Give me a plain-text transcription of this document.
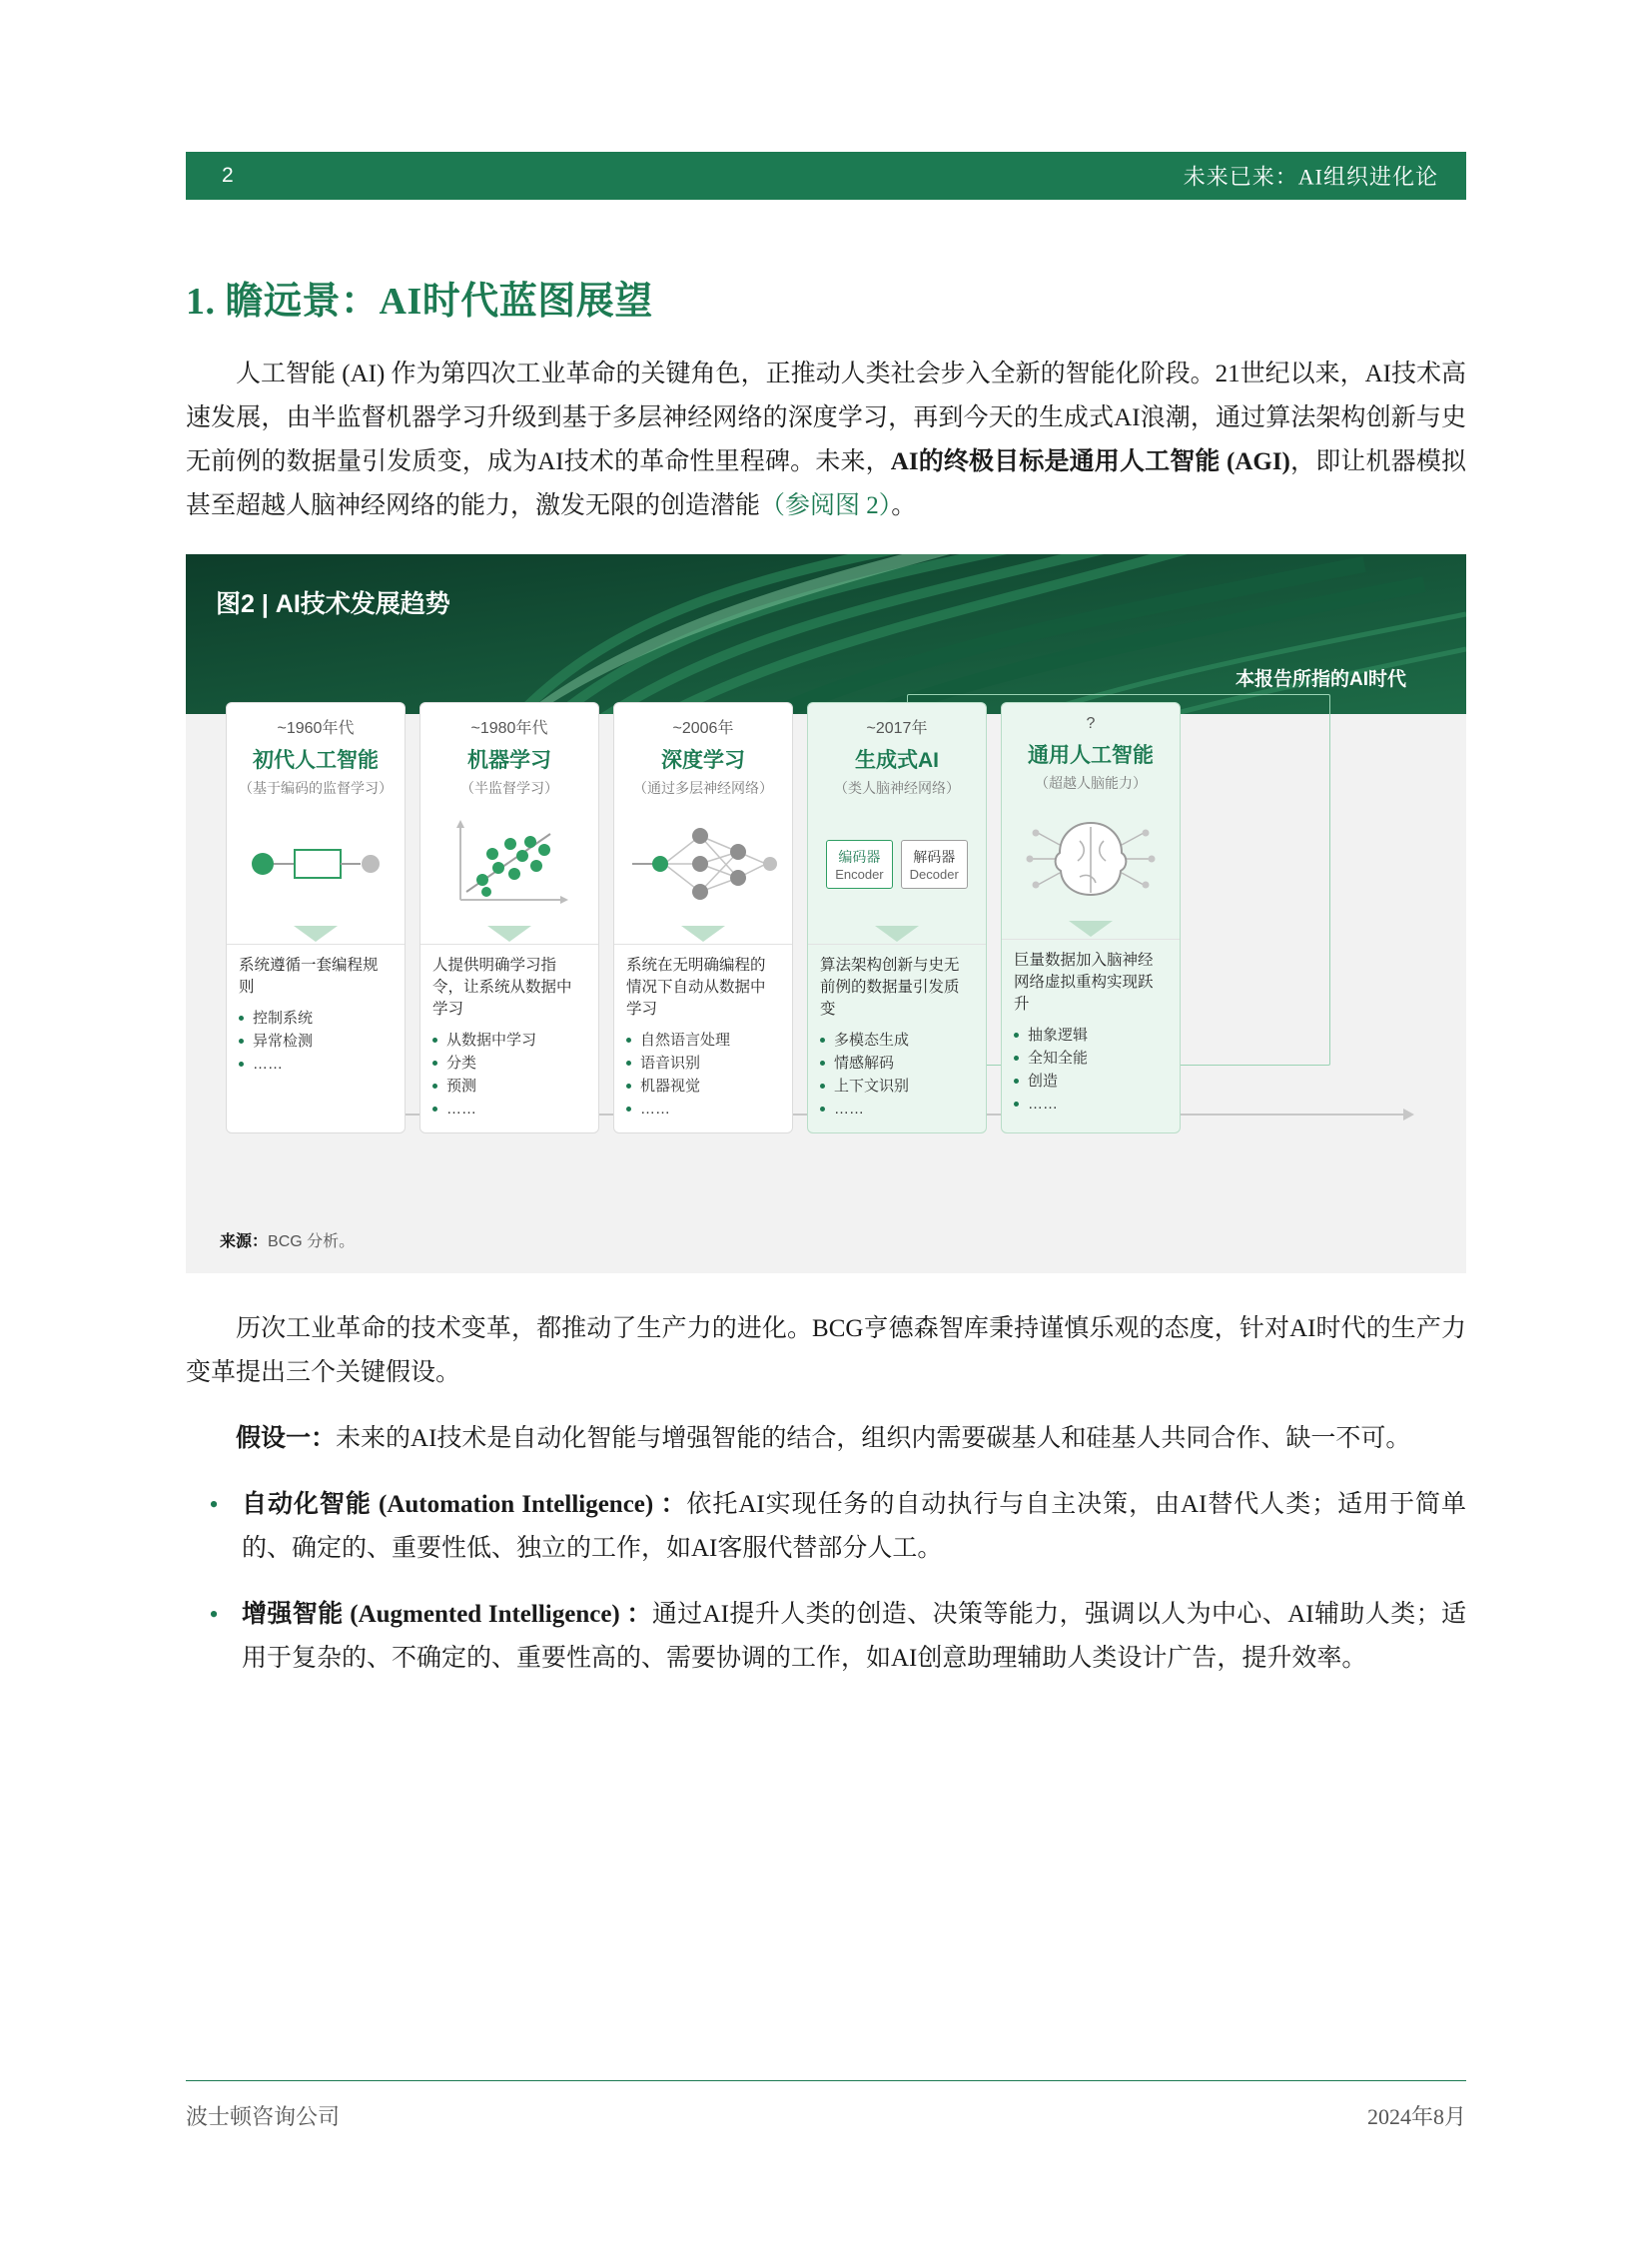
2	未来已来：AI组织进化论
1. 瞻远景：AI时代蓝图展望

人工智能 (AI) 作为第四次工业革命的关键角色，正推动人类社会步入全新的智能化阶段。21世纪以来，AI技术高速发展，由半监督机器学习升级到基于多层神经网络的深度学习，再到今天的生成式AI浪潮，通过算法架构创新与史无前例的数据量引发质变，成为AI技术的革命性里程碑。未来，AI的终极目标是通用人工智能 (AGI)，即让机器模拟甚至超越人脑神经网络的能力，激发无限的创造潜能（参阅图 2）。

图2 | AI技术发展趋势
本报告所指的AI时代
~1960年代
初代人工智能
（基于编码的监督学习）
系统遵循一套编程规则
控制系统
异常检测
……
~1980年代
机器学习
（半监督学习）
人提供明确学习指令，让系统从数据中学习
从数据中学习
分类
预测
……
~2006年
深度学习
（通过多层神经网络）
系统在无明确编程的情况下自动从数据中学习
自然语言处理
语音识别
机器视觉
……
~2017年
生成式AI
（类人脑神经网络）
编码器
Encoder
解码器
Decoder
算法架构创新与史无前例的数据量引发质变
多模态生成
情感解码
上下文识别
……
?
通用人工智能
（超越人脑能力）
巨量数据加入脑神经网络虚拟重构实现跃升
抽象逻辑
全知全能
创造
……
来源：BCG 分析。

历次工业革命的技术变革，都推动了生产力的进化。BCG亨德森智库秉持谨慎乐观的态度，针对AI时代的生产力变革提出三个关键假设。

假设一：未来的AI技术是自动化智能与增强智能的结合，组织内需要碳基人和硅基人共同合作、缺一不可。

• 自动化智能 (Automation Intelligence) ：依托AI实现任务的自动执行与自主决策，由AI替代人类；适用于简单的、确定的、重要性低、独立的工作，如AI客服代替部分人工。
• 增强智能 (Augmented Intelligence) ：通过AI提升人类的创造、决策等能力，强调以人为中心、AI辅助人类；适用于复杂的、不确定的、重要性高的、需要协调的工作，如AI创意助理辅助人类设计广告，提升效率。
波士顿咨询公司	2024年8月
